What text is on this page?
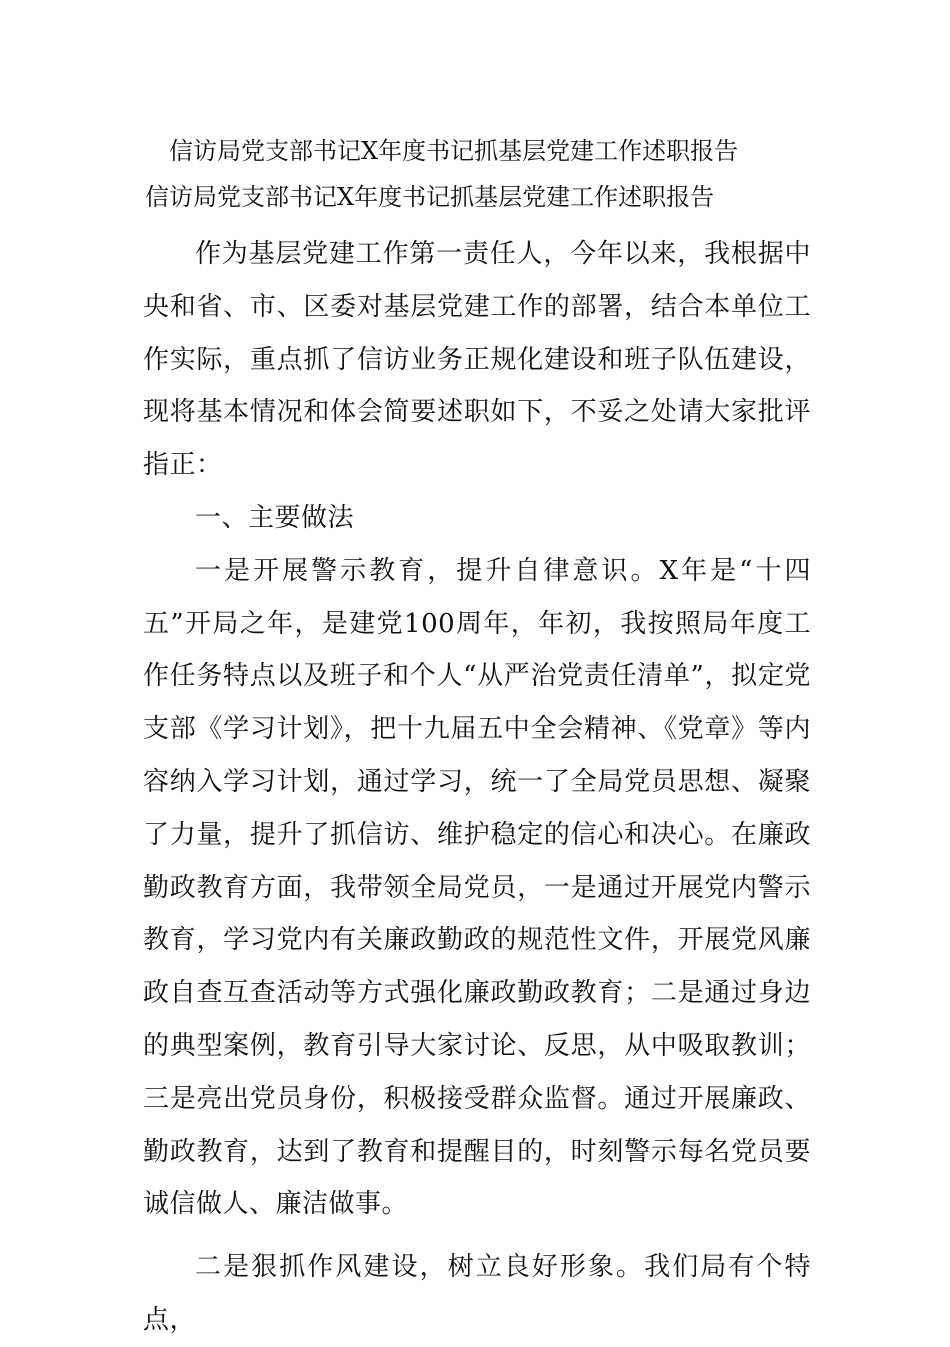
信访局党支部书记X年度书记抓基层党建工作述职报告
信访局党支部书记X年度书记抓基层党建工作述职报告

作为基层党建工作第一责任人，今年以来，我根据中央和省、市、区委对基层党建工作的部署，结合本单位工作实际，重点抓了信访业务正规化建设和班子队伍建设，现将基本情况和体会简要述职如下，不妥之处请大家批评指正：

一、主要做法

一是开展警示教育，提升自律意识。X年是“十四五”开局之年，是建党100周年，年初，我按照局年度工作任务特点以及班子和个人“从严治党责任清单”，拟定党支部《学习计划》，把十九届五中全会精神、《党章》等内容纳入学习计划，通过学习，统一了全局党员思想、凝聚了力量，提升了抓信访、维护稳定的信心和决心。在廉政勤政教育方面，我带领全局党员，一是通过开展党内警示教育，学习党内有关廉政勤政的规范性文件，开展党风廉政自查互查活动等方式强化廉政勤政教育；二是通过身边的典型案例，教育引导大家讨论、反思，从中吸取教训；三是亮出党员身份，积极接受群众监督。通过开展廉政、勤政教育，达到了教育和提醒目的，时刻警示每名党员要诚信做人、廉洁做事。

二是狠抓作风建设，树立良好形象。我们局有个特点，
